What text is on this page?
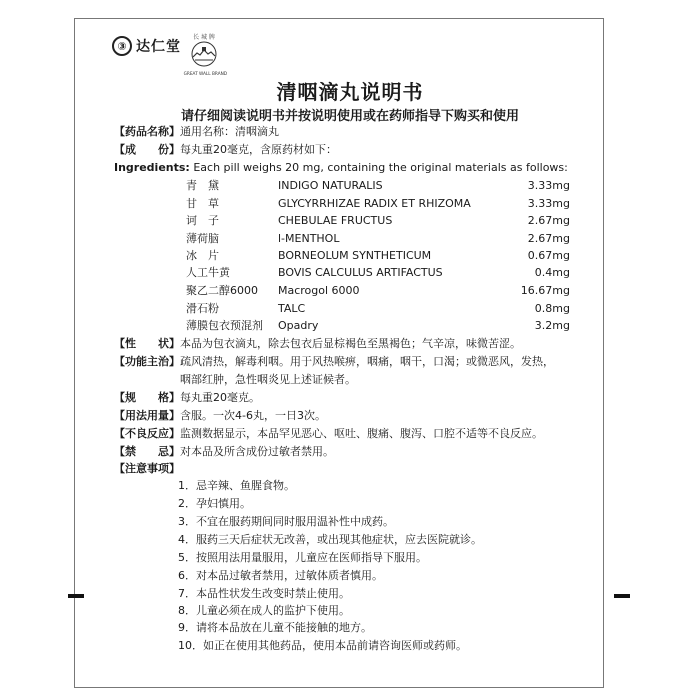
③ 达仁堂
长 城 牌
GREAT WALL BRAND
清咽滴丸说明书
请仔细阅读说明书并按说明使用或在药师指导下购买和使用
【药品名称】通用名称：清咽滴丸
【成　　份】每丸重20毫克，含原药材如下：
Ingredients: Each pill weighs 20 mg, containing the original materials as follows:
青　黛	INDIGO NATURALIS	3.33mg
甘　草	GLYCYRRHIZAE RADIX ET RHIZOMA	3.33mg
诃　子	CHEBULAE FRUCTUS	2.67mg
薄荷脑	l-MENTHOL	2.67mg
冰　片	BORNEOLUM SYNTHETICUM	0.67mg
人工牛黄	BOVIS CALCULUS ARTIFACTUS	0.4mg
聚乙二醇6000 Macrogol 6000	16.67mg
滑石粉	TALC	0.8mg
薄膜包衣预混剂 Opadry	3.2mg
【性　　状】本品为包衣滴丸，除去包衣后显棕褐色至黑褐色；气辛凉，味微苦涩。
【功能主治】疏风清热，解毒利咽。用于风热喉痹，咽痛，咽干，口渴；或微恶风，发热，
咽部红肿，急性咽炎见上述证候者。
【规　　格】每丸重20毫克。
【用法用量】含服。一次4-6丸，一日3次。
【不良反应】监测数据显示，本品罕见恶心、呕吐、腹痛、腹泻、口腔不适等不良反应。
【禁　　忌】对本品及所含成份过敏者禁用。
【注意事项】
1．忌辛辣、鱼腥食物。
2．孕妇慎用。
3．不宜在服药期间同时服用温补性中成药。
4．服药三天后症状无改善，或出现其他症状，应去医院就诊。
5．按照用法用量服用，儿童应在医师指导下服用。
6．对本品过敏者禁用，过敏体质者慎用。
7．本品性状发生改变时禁止使用。
8．儿童必须在成人的监护下使用。
9．请将本品放在儿童不能接触的地方。
10．如正在使用其他药品，使用本品前请咨询医师或药师。
